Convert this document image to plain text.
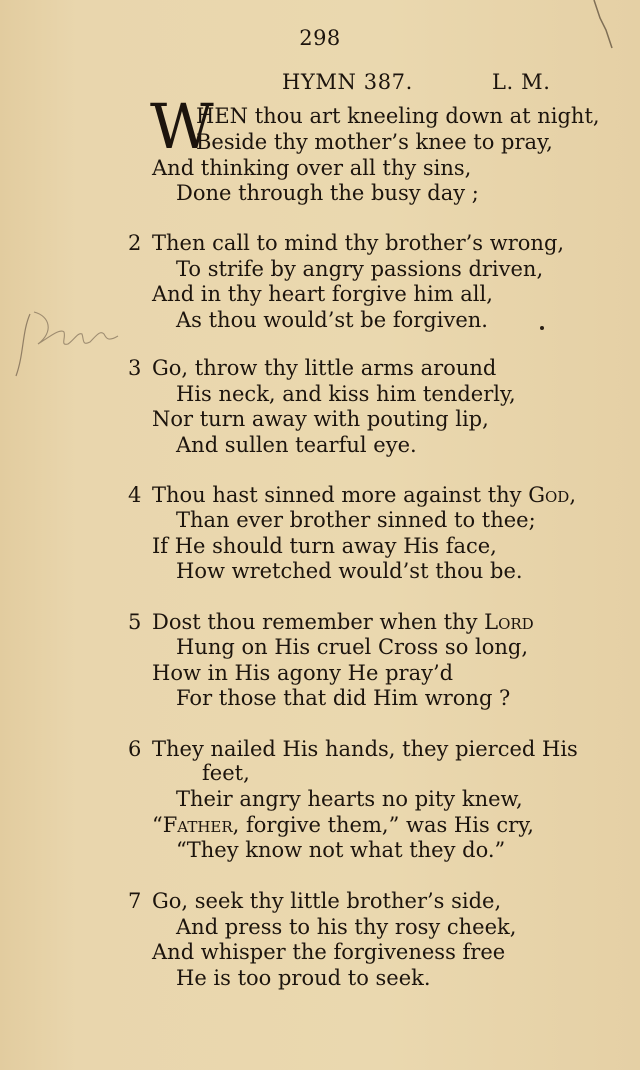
298
HYMN 387.	L. M.
W
HEN thou art kneeling down at night,
Beside thy mother’s knee to pray,
And thinking over all thy sins,
Done through the busy day ;
2 Then call to mind thy brother’s wrong,
To strife by angry passions driven,
And in thy heart forgive him all,
As thou would’st be forgiven.
3 Go, throw thy little arms around
His neck, and kiss him tenderly,
Nor turn away with pouting lip,
And sullen tearful eye.
4 Thou hast sinned more against thy God,
Than ever brother sinned to thee;
If He should turn away His face,
How wretched would’st thou be.
5 Dost thou remember when thy Lord
Hung on His cruel Cross so long,
How in His agony He pray’d
For those that did Him wrong ?
6 They nailed His hands, they pierced His
feet,
Their angry hearts no pity knew,
“Father, forgive them,” was His cry,
“They know not what they do.”
7 Go, seek thy little brother’s side,
And press to his thy rosy cheek,
And whisper the forgiveness free
He is too proud to seek.
